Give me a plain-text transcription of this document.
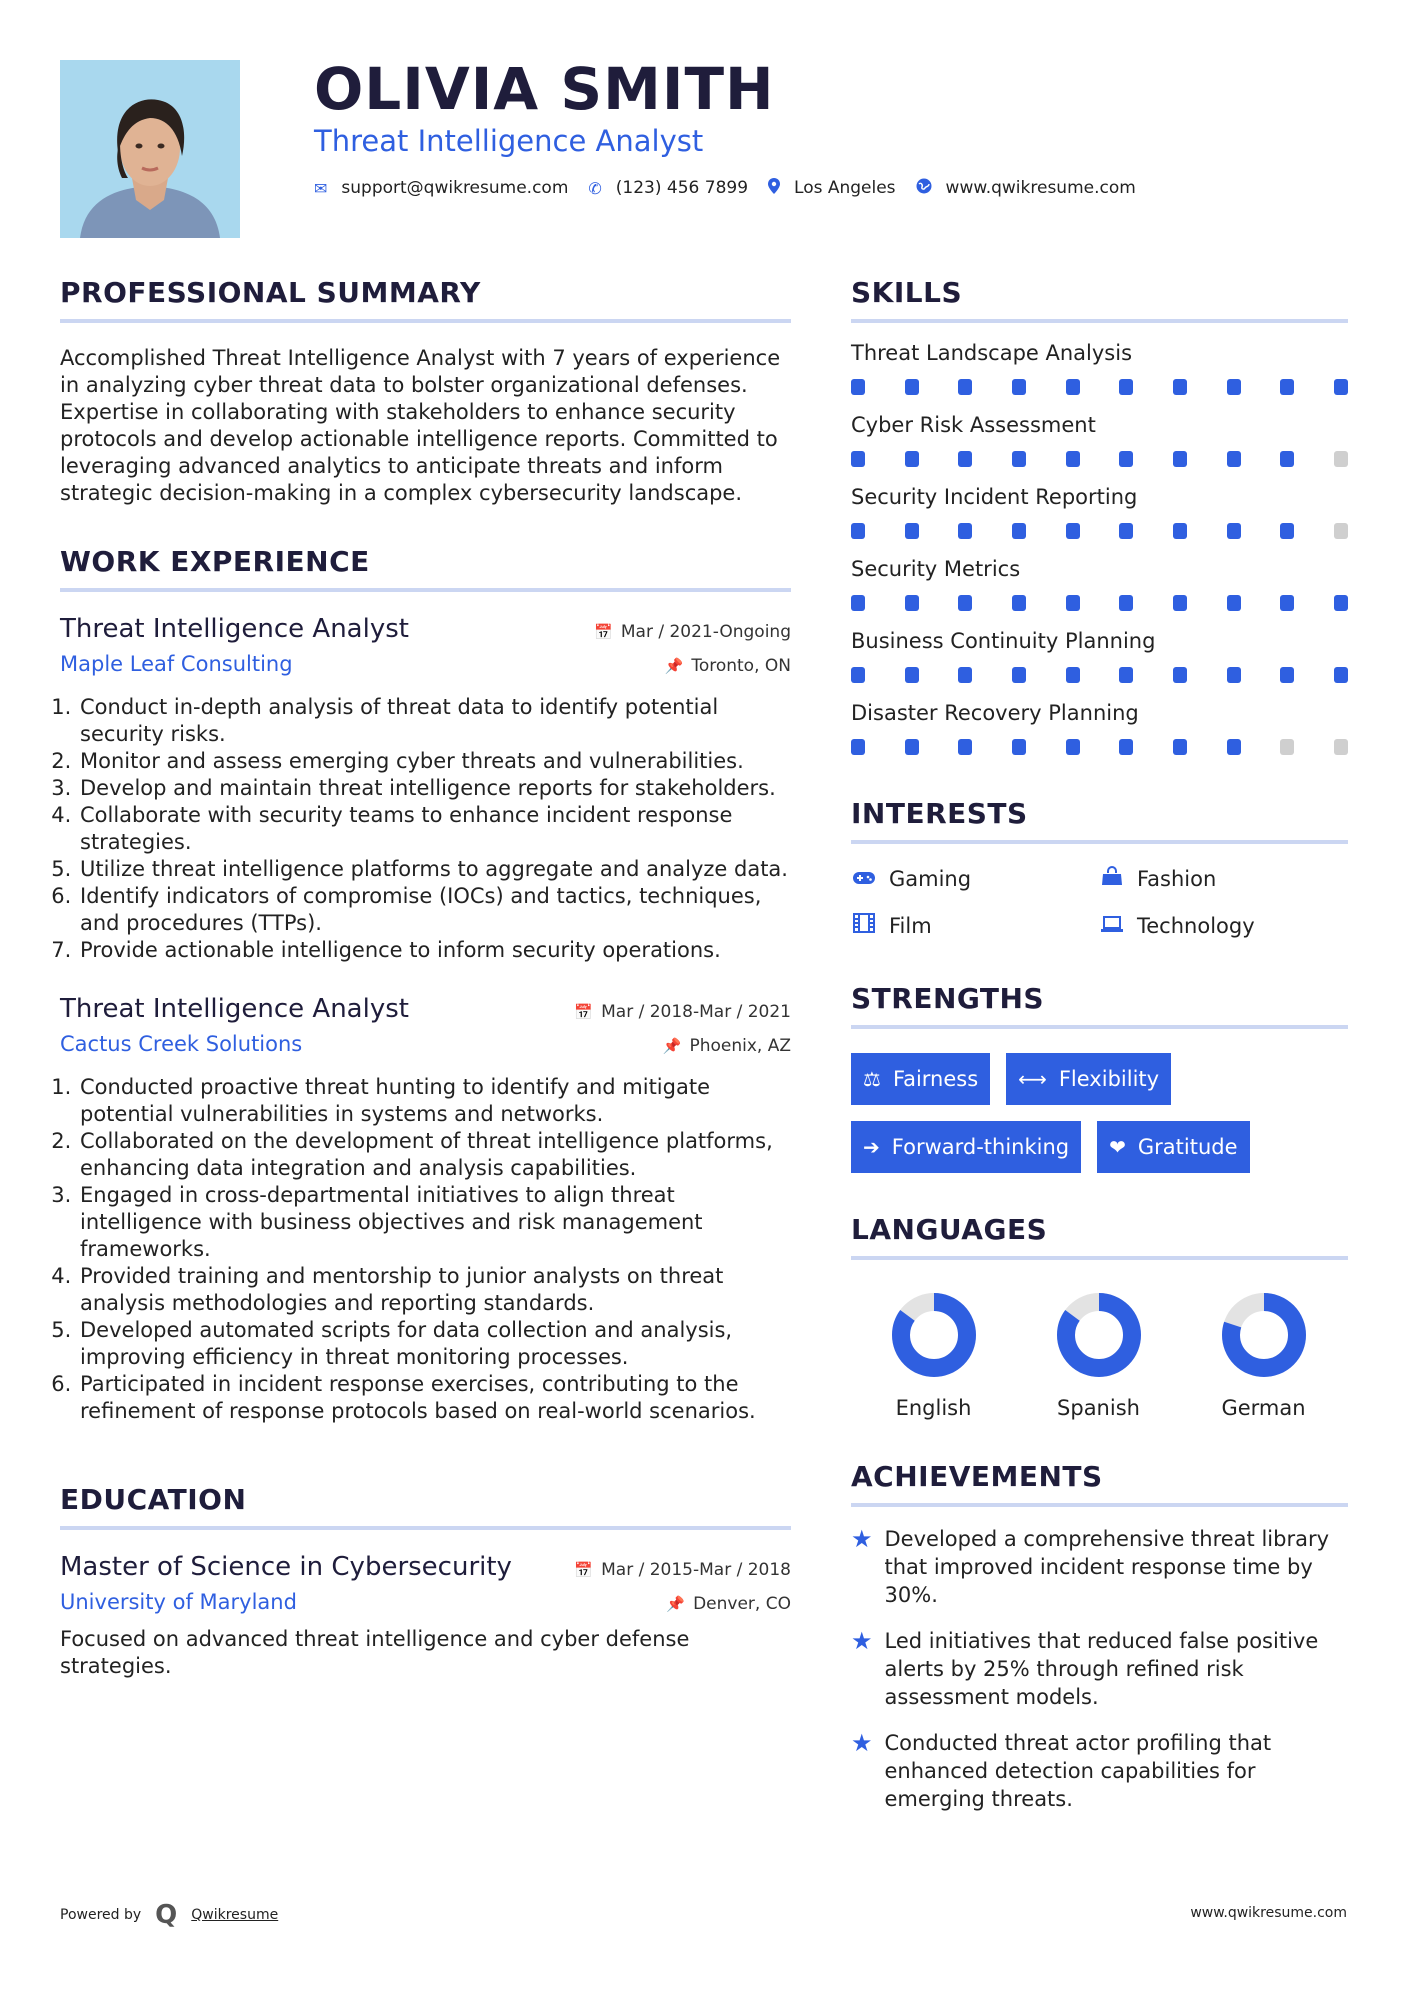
OLIVIA SMITH
Threat Intelligence Analyst
✉ support@qwikresume.com ✆ (123) 456 7899	Los Angeles	www.qwikresume.com
PROFESSIONAL SUMMARY

Accomplished Threat Intelligence Analyst with 7 years of experience in analyzing cyber threat data to bolster organizational defenses. Expertise in collaborating with stakeholders to enhance security protocols and develop actionable intelligence reports. Committed to leveraging advanced analytics to anticipate threats and inform strategic decision-making in a complex cybersecurity landscape.

WORK EXPERIENCE
Threat Intelligence Analyst	📅 Mar / 2021-Ongoing
Maple Leaf Consulting	📌 Toronto, ON
1. Conduct in-depth analysis of threat data to identify potential security risks.
2. Monitor and assess emerging cyber threats and vulnerabilities.
3. Develop and maintain threat intelligence reports for stakeholders.
4. Collaborate with security teams to enhance incident response strategies.
5. Utilize threat intelligence platforms to aggregate and analyze data.
6. Identify indicators of compromise (IOCs) and tactics, techniques, and procedures (TTPs).
7. Provide actionable intelligence to inform security operations.
Threat Intelligence Analyst	📅 Mar / 2018-Mar / 2021
Cactus Creek Solutions	📌 Phoenix, AZ
1. Conducted proactive threat hunting to identify and mitigate potential vulnerabilities in systems and networks.
2. Collaborated on the development of threat intelligence platforms, enhancing data integration and analysis capabilities.
3. Engaged in cross-departmental initiatives to align threat intelligence with business objectives and risk management frameworks.
4. Provided training and mentorship to junior analysts on threat analysis methodologies and reporting standards.
5. Developed automated scripts for data collection and analysis, improving efficiency in threat monitoring processes.
6. Participated in incident response exercises, contributing to the refinement of response protocols based on real-world scenarios.
EDUCATION
Master of Science in Cybersecurity	📅 Mar / 2015-Mar / 2018
University of Maryland	📌 Denver, CO

Focused on advanced threat intelligence and cyber defense strategies.

SKILLS
Threat Landscape Analysis
Cyber Risk Assessment
Security Incident Reporting
Security Metrics
Business Continuity Planning
Disaster Recovery Planning
INTERESTS
Gaming	Fashion
Film	Technology
STRENGTHS
⚖ Fairness ⟷ Flexibility
➔ Forward-thinking ❤ Gratitude
LANGUAGES
English	Spanish	German
ACHIEVEMENTS
★ Developed a comprehensive threat library that improved incident response time by 30%.
★ Led initiatives that reduced false positive alerts by 25% through refined risk assessment models.
★ Conducted threat actor profiling that enhanced detection capabilities for emerging threats.
Powered by Q Qwikresume	www.qwikresume.com
